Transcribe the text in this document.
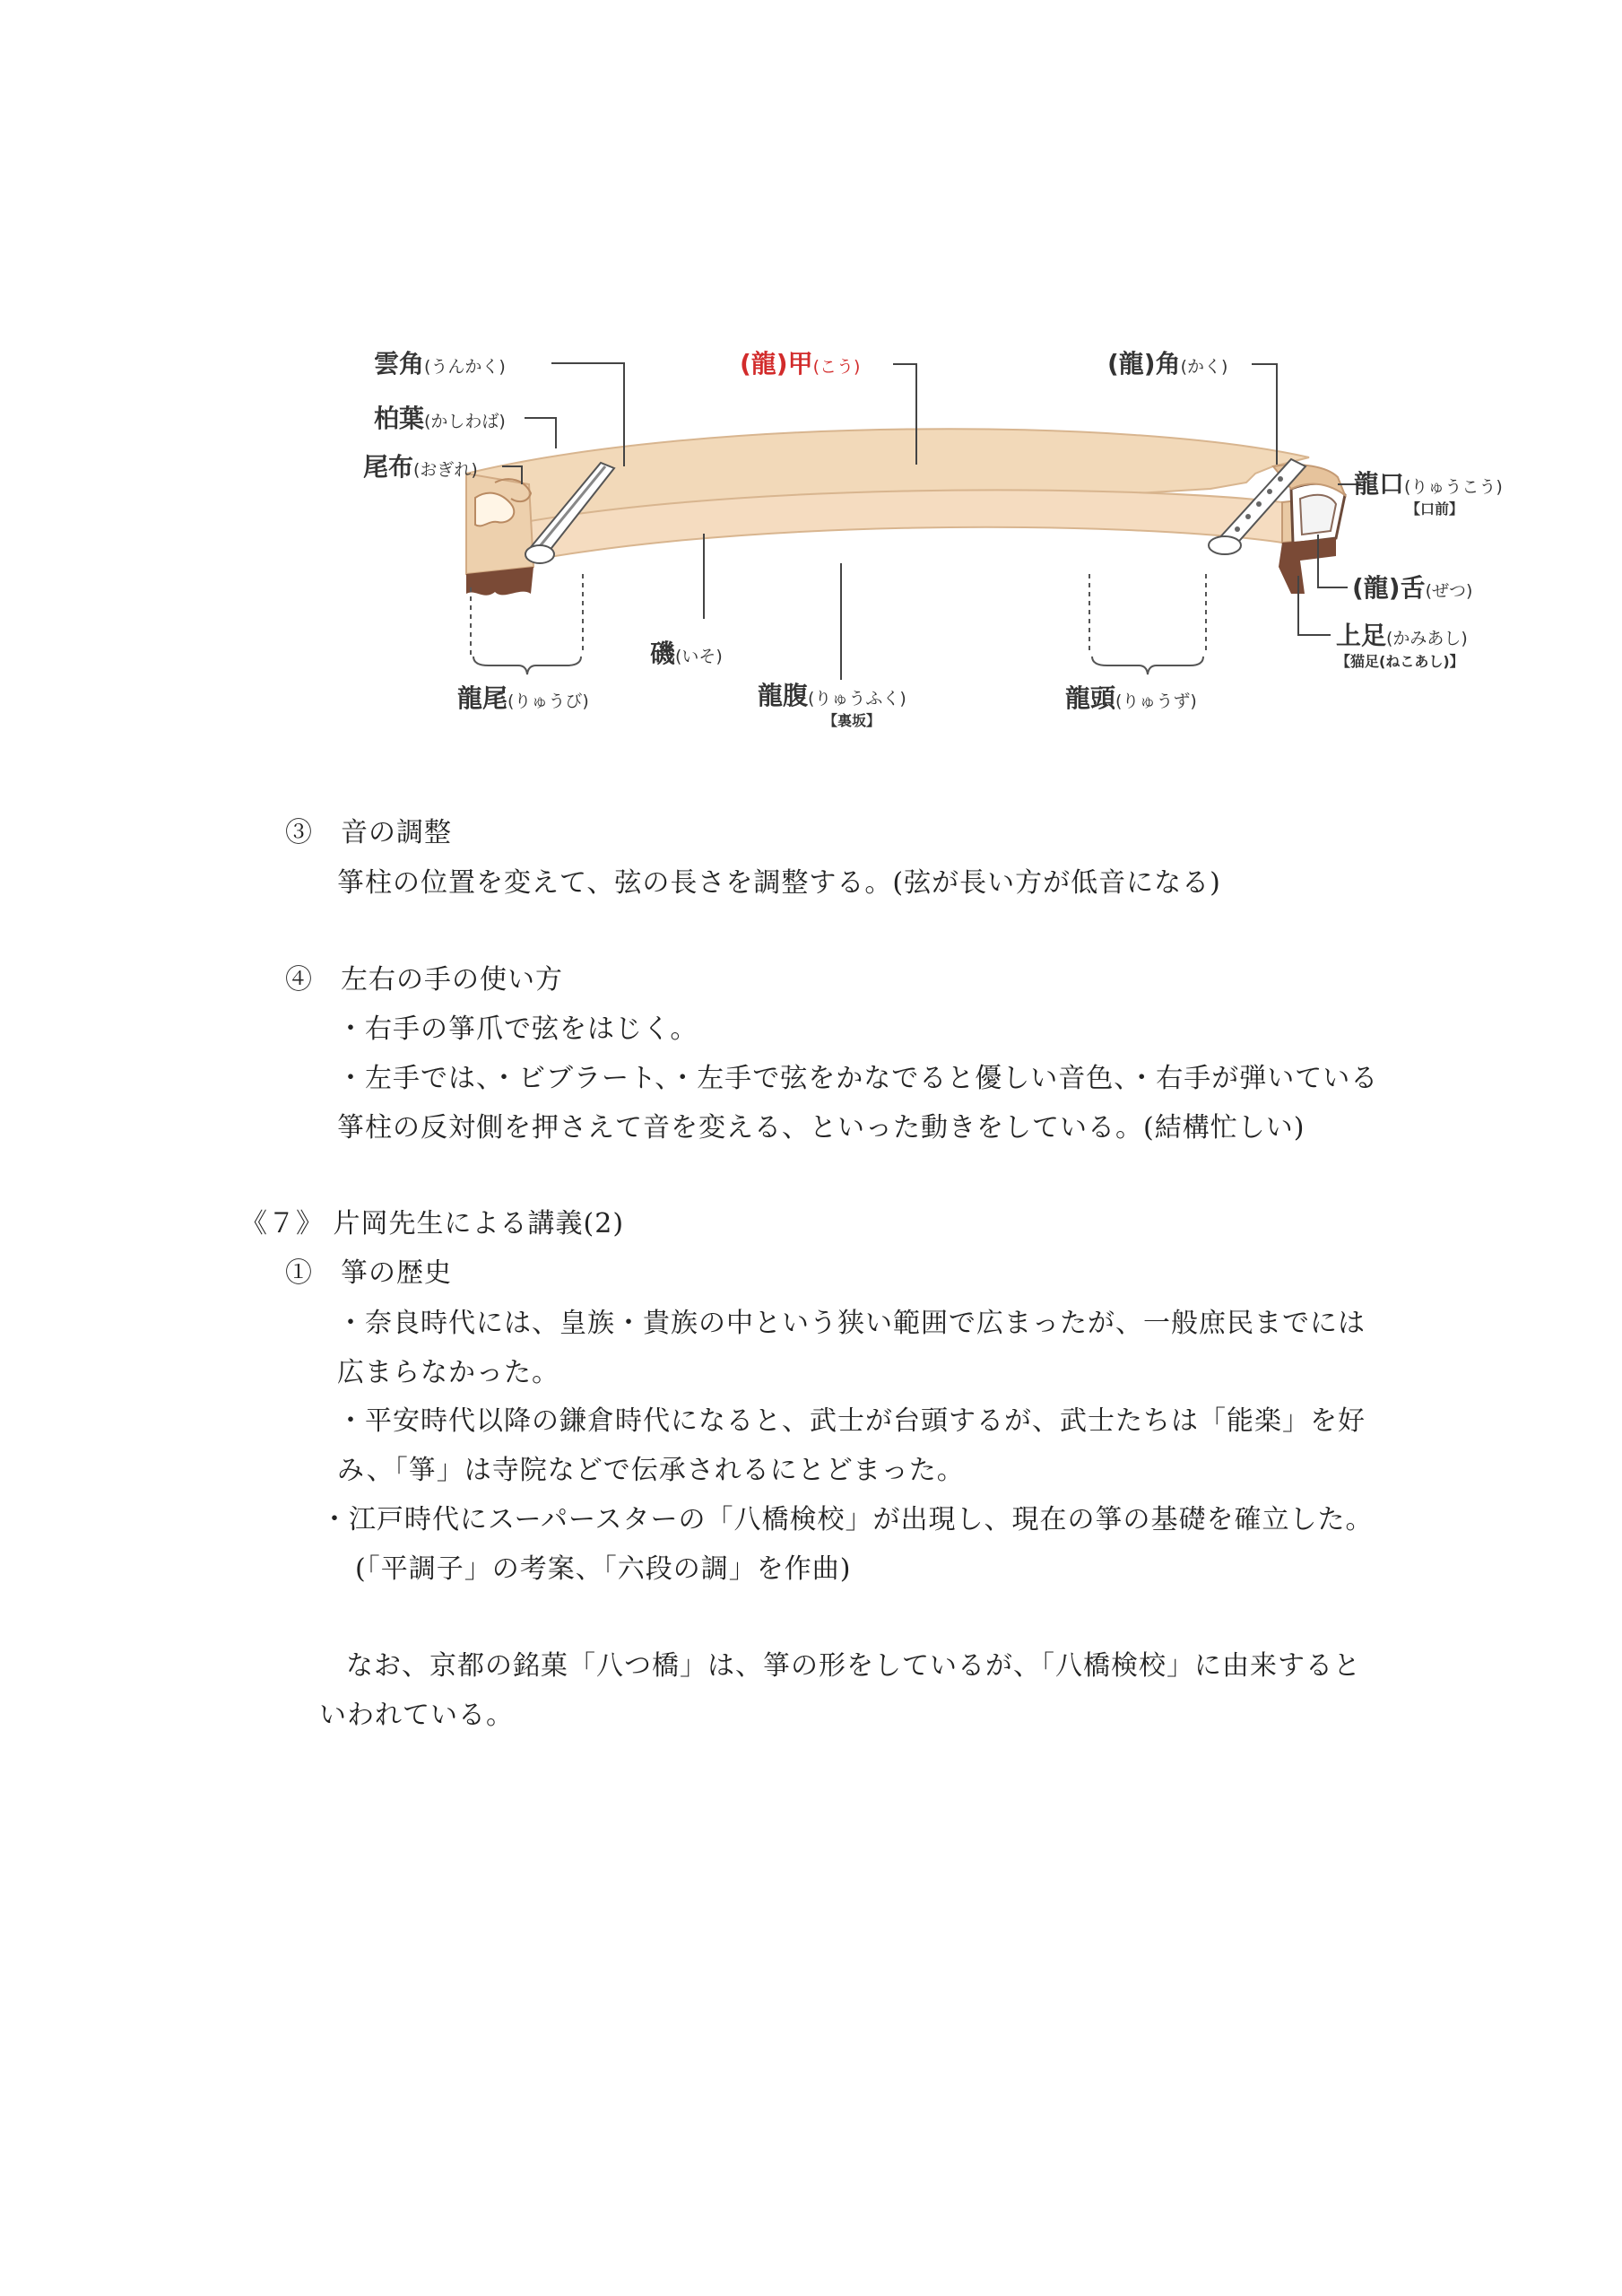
雲角(うんかく)
柏葉(かしわば)
尾布(おぎれ)
(龍)甲(こう)	(龍)角(かく)
龍口(りゅうこう)
【口前】
(龍)舌(ぜつ)
上足(かみあし)
【猫足(ねこあし)】
磯(いそ)
龍尾(りゅうび)	龍腹(りゅうふく)
【裏坂】
龍頭(りゅうず)
③　音の調整
箏柱の位置を変えて、弦の長さを調整する。(弦が長い方が低音になる)
④　左右の手の使い方
・右手の箏爪で弦をはじく。
・左手では、・ビブラート、・左手で弦をかなでると優しい音色、・右手が弾いている
箏柱の反対側を押さえて音を変える、といった動きをしている。(結構忙しい)
《７》 片岡先生による講義(2)
①　箏の歴史
・奈良時代には、皇族・貴族の中という狭い範囲で広まったが、一般庶民までには
広まらなかった。
・平安時代以降の鎌倉時代になると、武士が台頭するが、武士たちは「能楽」を好
み、「箏」は寺院などで伝承されるにとどまった。
・江戸時代にスーパースターの「八橋検校」が出現し、現在の箏の基礎を確立した。
(「平調子」の考案、「六段の調」を作曲)
なお、京都の銘菓「八つ橋」は、箏の形をしているが、「八橋検校」に由来すると
いわれている。
